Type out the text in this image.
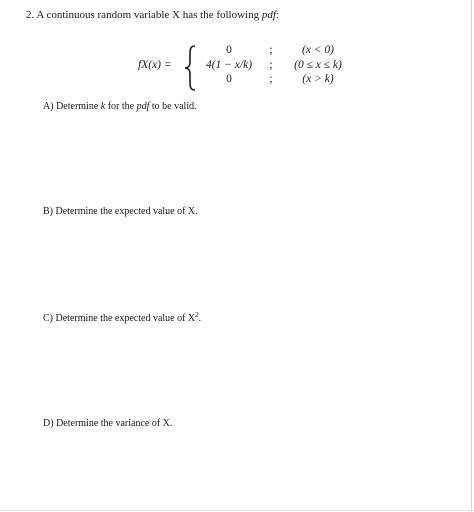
2. A continuous random variable X has the following pdf:
fX(x) =
0	;	(x < 0)
4(1 − x/k)	;	(0 ≤ x ≤ k)
0	;	(x > k)
A) Determine k for the pdf to be valid.
B) Determine the expected value of X.
C) Determine the expected value of $X^2$.
D) Determine the variance of X.
